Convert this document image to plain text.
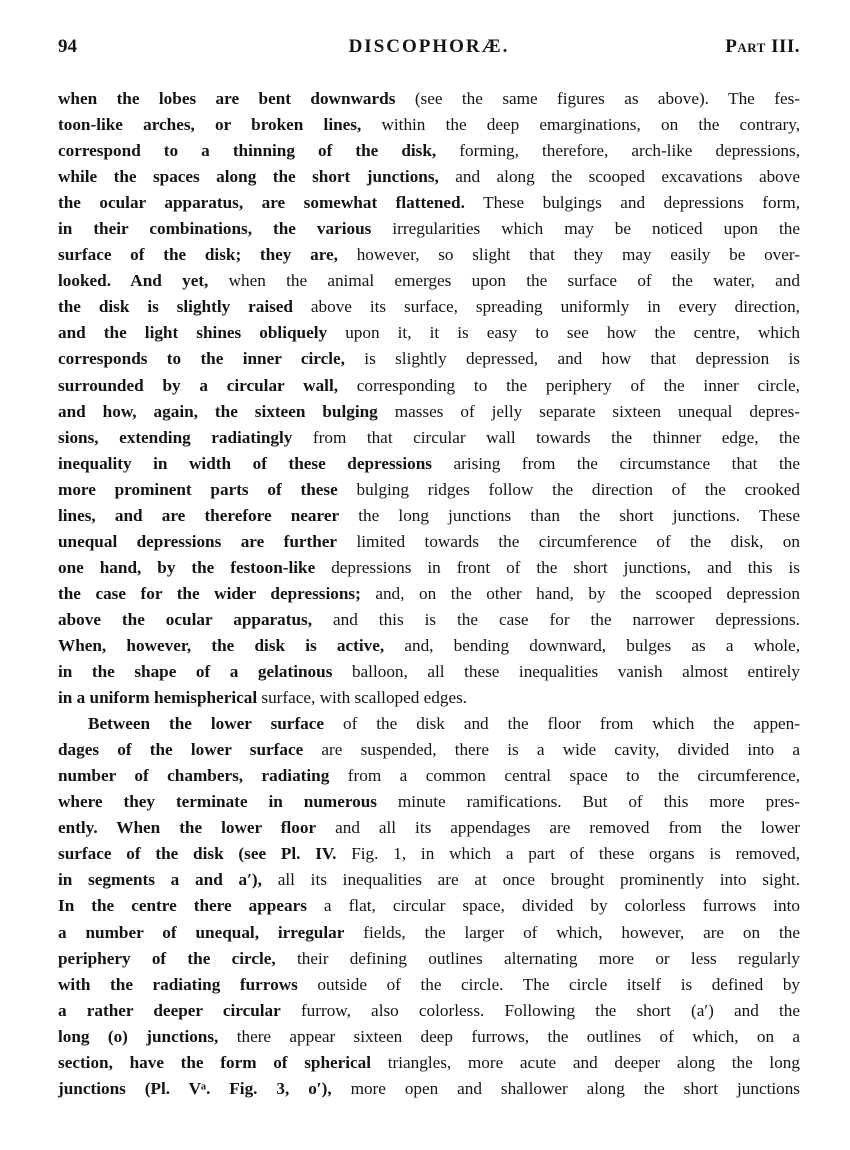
94	DISCOPHORÆ.	Part III.
when the lobes are bent downwards (see the same figures as above). The fes-
toon-like arches, or broken lines, within the deep emarginations, on the contrary,
correspond to a thinning of the disk, forming, therefore, arch-like depressions,
while the spaces along the short junctions, and along the scooped excavations above
the ocular apparatus, are somewhat flattened. These bulgings and depressions form,
in their combinations, the various irregularities which may be noticed upon the
surface of the disk; they are, however, so slight that they may easily be over-
looked. And yet, when the animal emerges upon the surface of the water, and
the disk is slightly raised above its surface, spreading uniformly in every direction,
and the light shines obliquely upon it, it is easy to see how the centre, which
corresponds to the inner circle, is slightly depressed, and how that depression is
surrounded by a circular wall, corresponding to the periphery of the inner circle,
and how, again, the sixteen bulging masses of jelly separate sixteen unequal depres-
sions, extending radiatingly from that circular wall towards the thinner edge, the
inequality in width of these depressions arising from the circumstance that the
more prominent parts of these bulging ridges follow the direction of the crooked
lines, and are therefore nearer the long junctions than the short junctions. These
unequal depressions are further limited towards the circumference of the disk, on
one hand, by the festoon-like depressions in front of the short junctions, and this is
the case for the wider depressions; and, on the other hand, by the scooped depression
above the ocular apparatus, and this is the case for the narrower depressions.
When, however, the disk is active, and, bending downward, bulges as a whole,
in the shape of a gelatinous balloon, all these inequalities vanish almost entirely
in a uniform hemispherical surface, with scalloped edges.
Between the lower surface of the disk and the floor from which the appen-
dages of the lower surface are suspended, there is a wide cavity, divided into a
number of chambers, radiating from a common central space to the circumference,
where they terminate in numerous minute ramifications. But of this more pres-
ently. When the lower floor and all its appendages are removed from the lower
surface of the disk (see Pl. IV. Fig. 1, in which a part of these organs is removed,
in segments a and a′), all its inequalities are at once brought prominently into sight.
In the centre there appears a flat, circular space, divided by colorless furrows into
a number of unequal, irregular fields, the larger of which, however, are on the
periphery of the circle, their defining outlines alternating more or less regularly
with the radiating furrows outside of the circle. The circle itself is defined by
a rather deeper circular furrow, also colorless. Following the short (a′) and the
long (o) junctions, there appear sixteen deep furrows, the outlines of which, on a
section, have the form of spherical triangles, more acute and deeper along the long
junctions (Pl. Vᵃ. Fig. 3, o′), more open and shallower along the short junctions
